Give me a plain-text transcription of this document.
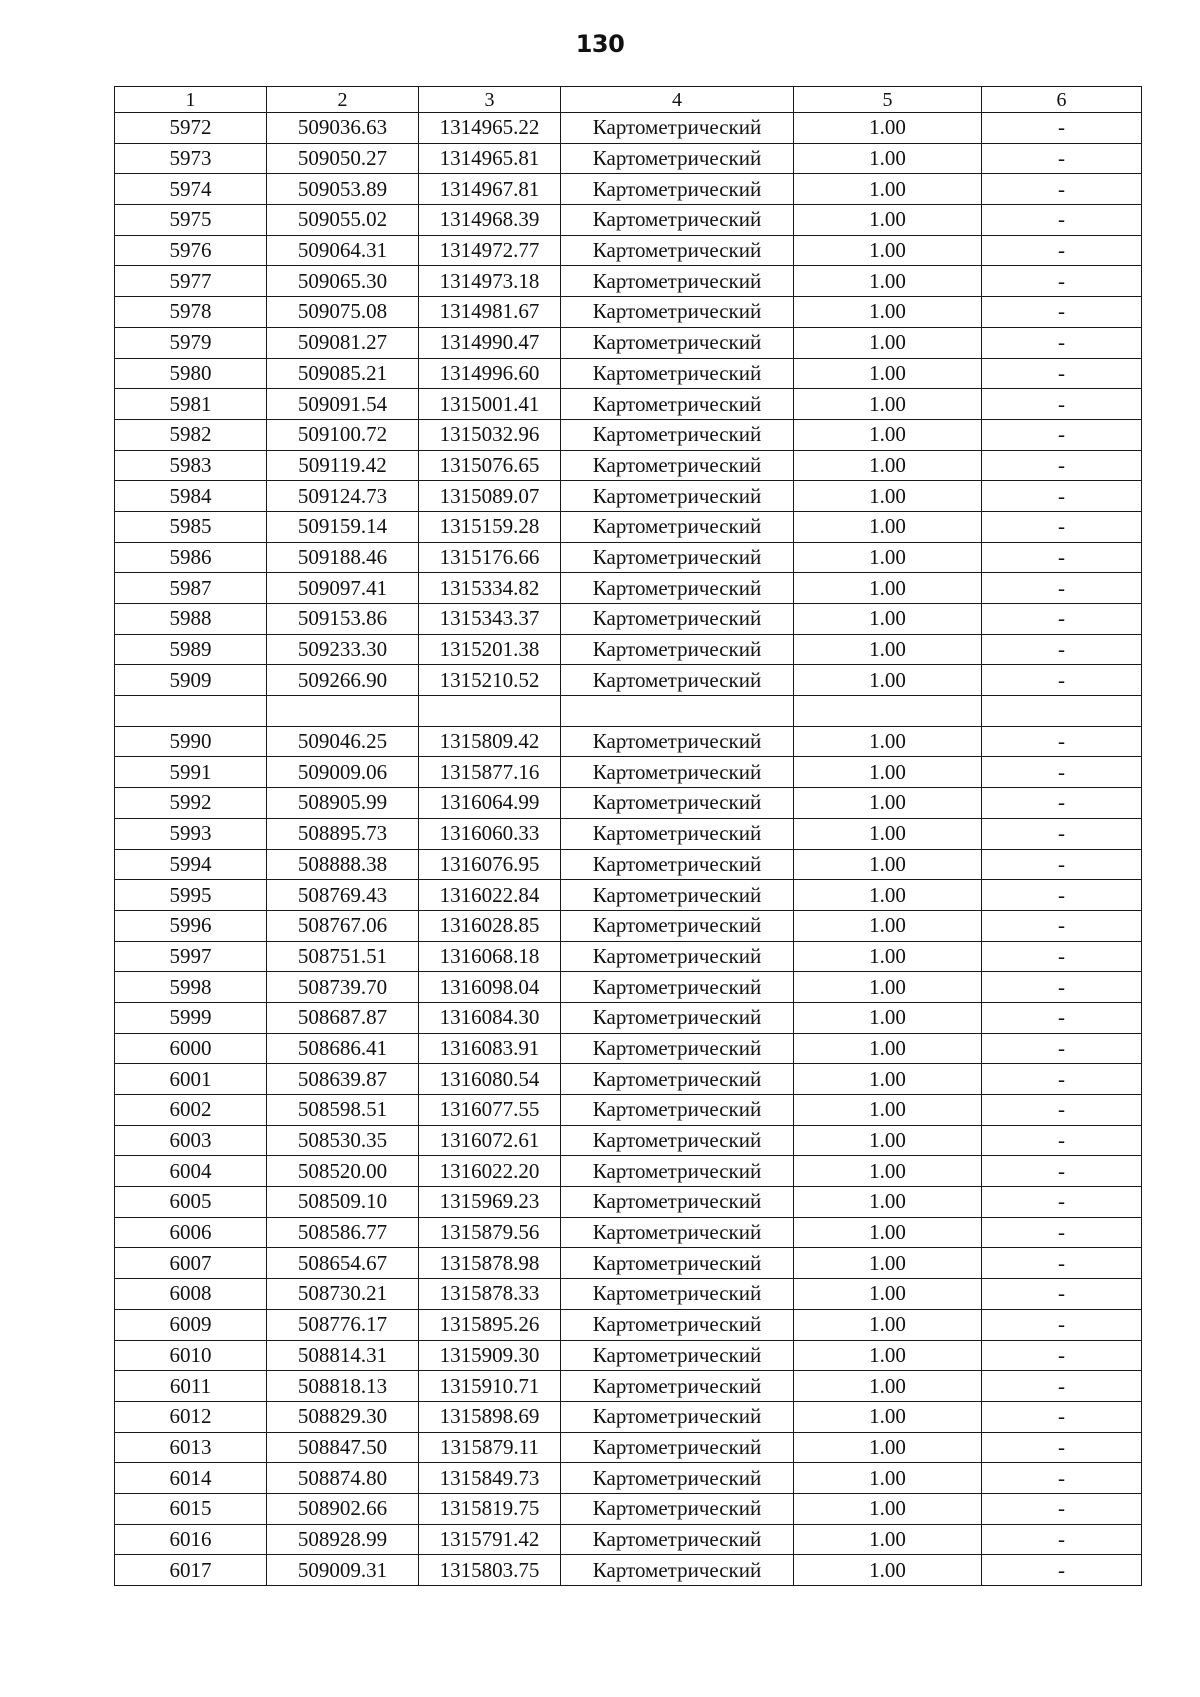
130
1	2	3	4	5	6
5972	509036.63	1314965.22	Картометрический	1.00	-
5973	509050.27	1314965.81	Картометрический	1.00	-
5974	509053.89	1314967.81	Картометрический	1.00	-
5975	509055.02	1314968.39	Картометрический	1.00	-
5976	509064.31	1314972.77	Картометрический	1.00	-
5977	509065.30	1314973.18	Картометрический	1.00	-
5978	509075.08	1314981.67	Картометрический	1.00	-
5979	509081.27	1314990.47	Картометрический	1.00	-
5980	509085.21	1314996.60	Картометрический	1.00	-
5981	509091.54	1315001.41	Картометрический	1.00	-
5982	509100.72	1315032.96	Картометрический	1.00	-
5983	509119.42	1315076.65	Картометрический	1.00	-
5984	509124.73	1315089.07	Картометрический	1.00	-
5985	509159.14	1315159.28	Картометрический	1.00	-
5986	509188.46	1315176.66	Картометрический	1.00	-
5987	509097.41	1315334.82	Картометрический	1.00	-
5988	509153.86	1315343.37	Картометрический	1.00	-
5989	509233.30	1315201.38	Картометрический	1.00	-
5909	509266.90	1315210.52	Картометрический	1.00	-

5990	509046.25	1315809.42	Картометрический	1.00	-
5991	509009.06	1315877.16	Картометрический	1.00	-
5992	508905.99	1316064.99	Картометрический	1.00	-
5993	508895.73	1316060.33	Картометрический	1.00	-
5994	508888.38	1316076.95	Картометрический	1.00	-
5995	508769.43	1316022.84	Картометрический	1.00	-
5996	508767.06	1316028.85	Картометрический	1.00	-
5997	508751.51	1316068.18	Картометрический	1.00	-
5998	508739.70	1316098.04	Картометрический	1.00	-
5999	508687.87	1316084.30	Картометрический	1.00	-
6000	508686.41	1316083.91	Картометрический	1.00	-
6001	508639.87	1316080.54	Картометрический	1.00	-
6002	508598.51	1316077.55	Картометрический	1.00	-
6003	508530.35	1316072.61	Картометрический	1.00	-
6004	508520.00	1316022.20	Картометрический	1.00	-
6005	508509.10	1315969.23	Картометрический	1.00	-
6006	508586.77	1315879.56	Картометрический	1.00	-
6007	508654.67	1315878.98	Картометрический	1.00	-
6008	508730.21	1315878.33	Картометрический	1.00	-
6009	508776.17	1315895.26	Картометрический	1.00	-
6010	508814.31	1315909.30	Картометрический	1.00	-
6011	508818.13	1315910.71	Картометрический	1.00	-
6012	508829.30	1315898.69	Картометрический	1.00	-
6013	508847.50	1315879.11	Картометрический	1.00	-
6014	508874.80	1315849.73	Картометрический	1.00	-
6015	508902.66	1315819.75	Картометрический	1.00	-
6016	508928.99	1315791.42	Картометрический	1.00	-
6017	509009.31	1315803.75	Картометрический	1.00	-
